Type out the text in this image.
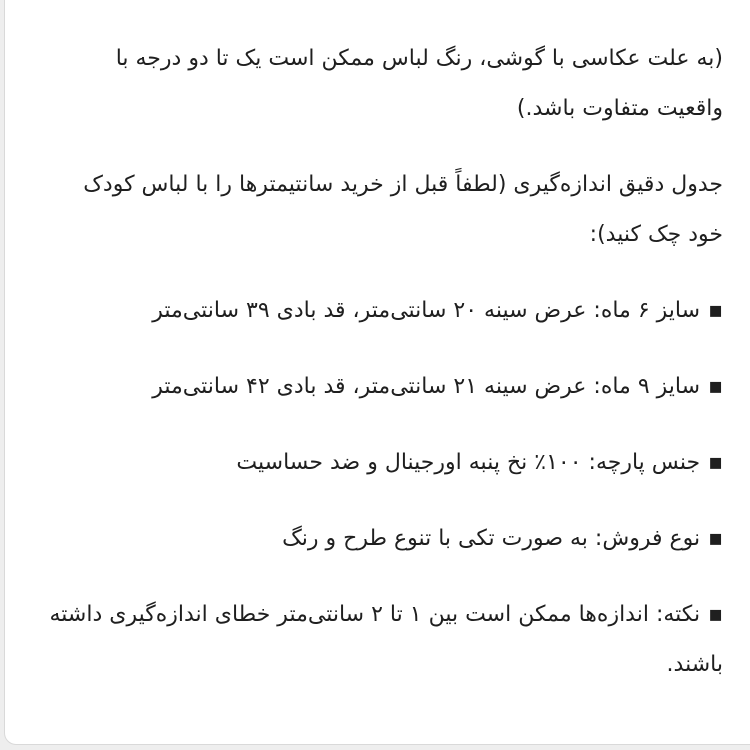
(به علت عکاسی با گوشی، رنگ لباس ممکن است یک تا دو درجه با واقعیت متفاوت باشد.)

جدول دقیق اندازه‌گیری (لطفاً قبل از خرید سانتیمترها را با لباس کودک خود چک کنید):

▪سایز ۶ ماه: عرض سینه ۲۰ سانتی‌متر، قد بادی ۳۹ سانتی‌متر
▪سایز ۹ ماه: عرض سینه ۲۱ سانتی‌متر، قد بادی ۴۲ سانتی‌متر
▪جنس پارچه: ۱۰۰٪ نخ پنبه اورجینال و ضد حساسیت
▪نوع فروش: به صورت تکی با تنوع طرح و رنگ
▪نکته: اندازه‌ها ممکن است بین ۱ تا ۲ سانتی‌متر خطای اندازه‌گیری داشته باشند.
